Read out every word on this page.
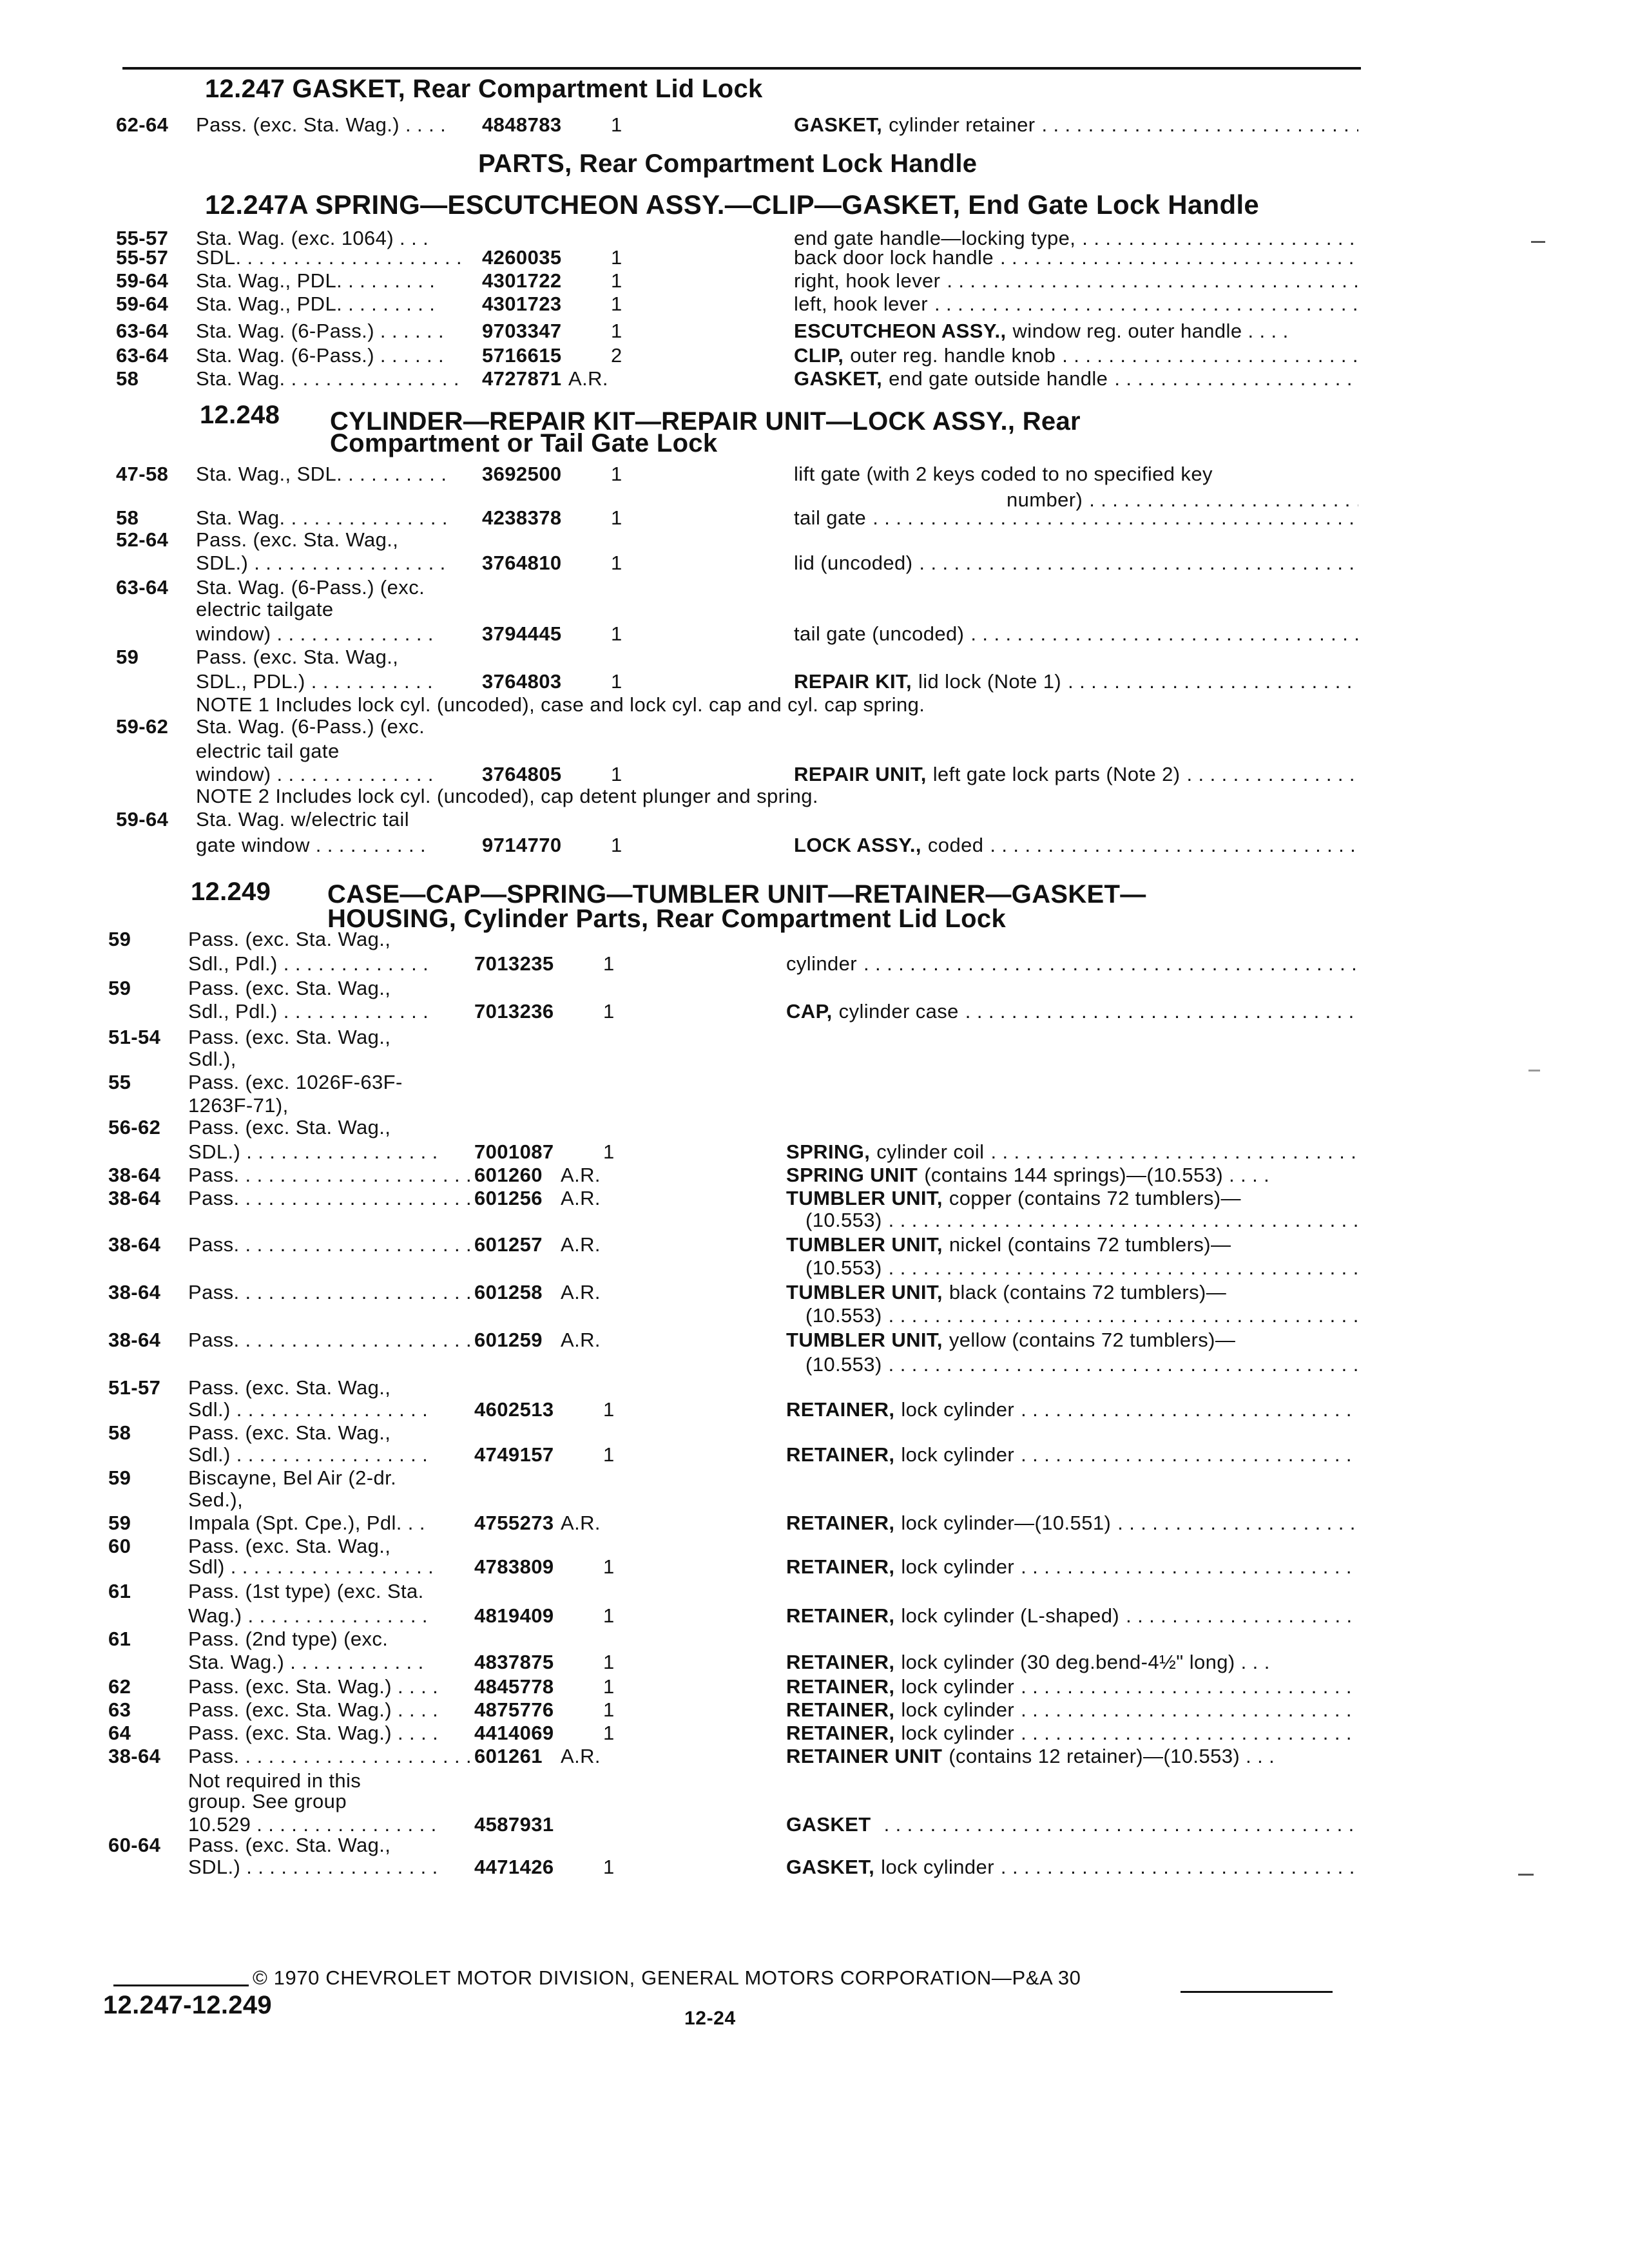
12.247 GASKET, Rear Compartment Lid Lock
PARTS, Rear Compartment Lock Handle
12.247A SPRING—ESCUTCHEON ASSY.—CLIP—GASKET, End Gate Lock Handle
12.248 CYLINDER—REPAIR KIT—REPAIR UNIT—LOCK ASSY., Rear
Compartment or Tail Gate Lock
12.249 CASE—CAP—SPRING—TUMBLER UNIT—RETAINER—GASKET—
HOUSING, Cylinder Parts, Rear Compartment Lid Lock
62-64 Pass. (exc. Sta. Wag.) . . . . 4848783 1	GASKET, cylinder retainer
. . .
55-57 Sta. Wag. (exc. 1064) . . .	end gate handle—locking type,
. . .
55-57 SDL. . . . . . . . . . . . . . . . . . . . 4260035 1	back door lock handle
. . .
59-64 Sta. Wag., PDL. . . . . . . . . 4301722 1	right, hook lever
. . .
59-64 Sta. Wag., PDL. . . . . . . . . 4301723 1	left, hook lever
. . .
63-64 Sta. Wag. (6-Pass.) . . . . . . 9703347 1	ESCUTCHEON ASSY., window reg. outer handle . . . .
63-64 Sta. Wag. (6-Pass.) . . . . . . 5716615 2	CLIP, outer reg. handle knob
. . .
58	Sta. Wag. . . . . . . . . . . . . . . . 4727871 A.R.	GASKET, end gate outside handle
. . .
47-58 Sta. Wag., SDL. . . . . . . . . . 3692500 1	lift gate (with 2 keys coded to no specified key
number)
. . .
58	Sta. Wag. . . . . . . . . . . . . . . 4238378 1	tail gate
. . .
52-64 Pass. (exc. Sta. Wag.,
SDL.) . . . . . . . . . . . . . . . . . 3764810 1	lid (uncoded)
. . .
63-64 Sta. Wag. (6-Pass.) (exc.
electric tailgate
window) . . . . . . . . . . . . . . 3794445 1	tail gate (uncoded)
. . .
59	Pass. (exc. Sta. Wag.,
SDL., PDL.) . . . . . . . . . . . 3764803 1	REPAIR KIT, lid lock (Note 1)
. . .
NOTE 1 Includes lock cyl. (uncoded), case and lock cyl. cap and cyl. cap spring.
59-62 Sta. Wag. (6-Pass.) (exc.
electric tail gate
window) . . . . . . . . . . . . . . 3764805 1	REPAIR UNIT, left gate lock parts (Note 2)
. . .
NOTE 2 Includes lock cyl. (uncoded), cap detent plunger and spring.
59-64 Sta. Wag. w/electric tail
gate window . . . . . . . . . .	9714770 1	LOCK ASSY., coded
. . .
59	Pass. (exc. Sta. Wag.,
Sdl., Pdl.) . . . . . . . . . . . . . 7013235 1	cylinder
. . .
59	Pass. (exc. Sta. Wag.,
Sdl., Pdl.) . . . . . . . . . . . . . 7013236 1	CAP, cylinder case
. . .
51-54 Pass. (exc. Sta. Wag.,
Sdl.),
55	Pass. (exc. 1026F-63F-
1263F-71),
56-62 Pass. (exc. Sta. Wag.,
SDL.) . . . . . . . . . . . . . . . . . 7001087 1	SPRING, cylinder coil
. . .
38-64 Pass. . . . . . . . . . . . . . . . . . . . . 601260 A.R.	SPRING UNIT (contains 144 springs)—(10.553) . . . .
38-64 Pass. . . . . . . . . . . . . . . . . . . . . 601256 A.R.	TUMBLER UNIT, copper (contains 72 tumblers)—
(10.553)
. . .
38-64 Pass. . . . . . . . . . . . . . . . . . . . . 601257 A.R.	TUMBLER UNIT, nickel (contains 72 tumblers)—
(10.553)
. . .
38-64 Pass. . . . . . . . . . . . . . . . . . . . . 601258 A.R.	TUMBLER UNIT, black (contains 72 tumblers)—
(10.553)
. . .
38-64 Pass. . . . . . . . . . . . . . . . . . . . . 601259 A.R.	TUMBLER UNIT, yellow (contains 72 tumblers)—
(10.553)
. . .
51-57 Pass. (exc. Sta. Wag.,
Sdl.) . . . . . . . . . . . . . . . . . 4602513 1	RETAINER, lock cylinder
. . .
58	Pass. (exc. Sta. Wag.,
Sdl.) . . . . . . . . . . . . . . . . . 4749157 1	RETAINER, lock cylinder
. . .
59	Biscayne, Bel Air (2-dr.
Sed.),
59	Impala (Spt. Cpe.), Pdl. . . 4755273 A.R.	RETAINER, lock cylinder—(10.551)
. . .
60	Pass. (exc. Sta. Wag.,
Sdl) . . . . . . . . . . . . . . . . . . 4783809 1	RETAINER, lock cylinder
. . .
61	Pass. (1st type) (exc. Sta.
Wag.) . . . . . . . . . . . . . . . . 4819409 1	RETAINER, lock cylinder (L-shaped)
. . .
61	Pass. (2nd type) (exc.
Sta. Wag.) . . . . . . . . . . . .	4837875 1	RETAINER, lock cylinder (30 deg.bend-4½" long) . . .
62	Pass. (exc. Sta. Wag.) . . . . 4845778 1	RETAINER, lock cylinder
. . .
63	Pass. (exc. Sta. Wag.) . . . . 4875776 1	RETAINER, lock cylinder
. . .
64	Pass. (exc. Sta. Wag.) . . . . 4414069 1	RETAINER, lock cylinder
. . .
38-64 Pass. . . . . . . . . . . . . . . . . . . . . 601261 A.R.	RETAINER UNIT (contains 12 retainer)—(10.553) . . .
Not required in this
group. See group
10.529 . . . . . . . . . . . . . . . . 4587931	GASKET
. . .
60-64 Pass. (exc. Sta. Wag.,
SDL.) . . . . . . . . . . . . . . . . . 4471426 1	GASKET, lock cylinder
. . .
© 1970 CHEVROLET MOTOR DIVISION, GENERAL MOTORS CORPORATION—P&A 30
12.247-12.249	12-24
